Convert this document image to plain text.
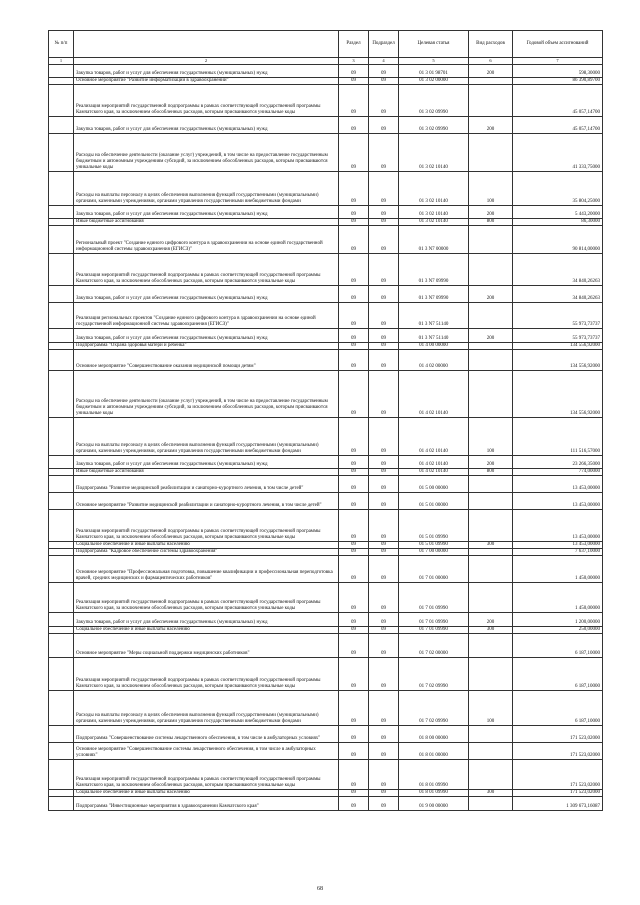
№ п/п		Раздел	Подраздел	Целевая статья	Вид расходов	Годовой объем ассигнований
1	2	3	4	5	6	7
	Закупка товаров, работ и услуг для обеспечения государственных (муниципальных) нужд	09	09	01 3 01 98701	200	598,30000
	Основное мероприятие "Развитие информатизации в здравоохранении"	09	09	01 3 02 00000		86 390,89700
	Реализация мероприятий государственной подпрограммы в рамках соответствующей государственной программы Камчатского края, за исключением обособленных расходов, которым присваиваются уникальные коды	09	09	01 3 02 09990		45 057,14700
	Закупка товаров, работ и услуг для обеспечения государственных (муниципальных) нужд	09	09	01 3 02 09990	200	45 057,14700
	Расходы на обеспечение деятельности (оказание услуг) учреждений, в том числе на предоставление государственным бюджетным и автономным учреждениям субсидий, за исключением обособленных расходов, которым присваиваются уникальные коды	09	09	01 3 02 10140		41 333,75000
	Расходы на выплаты персоналу в целях обеспечения выполнения функций государственными (муниципальными) органами, казенными учреждениями, органами управления государственными внебюджетными фондами	09	09	01 3 02 10140	100	35 804,25000
	Закупка товаров, работ и услуг для обеспечения государственных (муниципальных) нужд	09	09	01 3 02 10140	200	5 443,20000
	Иные бюджетные ассигнования	09	09	01 3 02 10140	800	86,30000
	Региональный проект "Создание единого цифрового контура в здравоохранении на основе единой государственной информационной системы здравоохранения (ЕГИСЗ)"	09	09	01 3 N7 00000		90 814,00000
	Реализация мероприятий государственной подпрограммы в рамках соответствующей государственной программы Камчатского края, за исключением обособленных расходов, которым присваиваются уникальные коды	09	09	01 3 N7 09990		34 840,26263
	Закупка товаров, работ и услуг для обеспечения государственных (муниципальных) нужд	09	09	01 3 N7 09990	200	34 840,26263
	Реализация региональных проектов "Создание единого цифрового контура в здравоохранении на основе единой государственной информационной системы здравоохранения (ЕГИСЗ)"	09	09	01 3 N7 51140		55 973,73737
	Закупка товаров, работ и услуг для обеспечения государственных (муниципальных) нужд	09	09	01 3 N7 51140	200	55 973,73737
	Подпрограмма "Охрана здоровья матери и ребенка"	09	09	01 4 00 00000		134 556,92000
	Основное мероприятие "Совершенствование оказания медицинской помощи детям"	09	09	01 4 02 00000		134 556,92000
	Расходы на обеспечение деятельности (оказание услуг) учреждений, в том числе на предоставление государственным бюджетным и автономным учреждениям субсидий, за исключением обособленных расходов, которым присваиваются уникальные коды	09	09	01 4 02 10140		134 556,92000
	Расходы на выплаты персоналу в целях обеспечения выполнения функций государственными (муниципальными) органами, казенными учреждениями, органами управления государственными внебюджетными фондами	09	09	01 4 02 10140	100	111 516,57000
	Закупка товаров, работ и услуг для обеспечения государственных (муниципальных) нужд	09	09	01 4 02 10140	200	23 266,35000
	Иные бюджетные ассигнования	09	09	01 4 02 10140	800	774,00000
	Подпрограмма "Развитие медицинской реабилитации и санаторно-курортного лечения, в том числе детей"	09	09	01 5 00 00000		13 453,00000
	Основное мероприятие "Развитие медицинской реабилитации и санаторно-курортного лечения, в том числе детей"	09	09	01 5 01 00000		13 453,00000
	Реализация мероприятий государственной подпрограммы в рамках соответствующей государственной программы Камчатского края, за исключением обособленных расходов, которым присваиваются уникальные коды	09	09	01 5 01 09990		13 453,00000
	Социальное обеспечение и иные выплаты населению	09	09	01 5 01 09990	300	13 453,00000
	Подпрограмма "Кадровое обеспечение системы здравоохранения"	09	09	01 7 00 00000		7 637,10000
	Основное мероприятие "Профессиональная подготовка, повышение квалификации и профессиональная переподготовка врачей, средних медицинских и фармацевтических работников"	09	09	01 7 01 00000		1 450,00000
	Реализация мероприятий государственной подпрограммы в рамках соответствующей государственной программы Камчатского края, за исключением обособленных расходов, которым присваиваются уникальные коды	09	09	01 7 01 09990		1 450,00000
	Закупка товаров, работ и услуг для обеспечения государственных (муниципальных) нужд	09	09	01 7 01 09990	200	1 200,00000
	Социальное обеспечение и иные выплаты населению	09	09	01 7 01 09990	300	250,00000
	Основное мероприятие "Меры социальной поддержки медицинских работников"	09	09	01 7 02 00000		6 187,10000
	Реализация мероприятий государственной подпрограммы в рамках соответствующей государственной программы Камчатского края, за исключением обособленных расходов, которым присваиваются уникальные коды	09	09	01 7 02 09990		6 187,10000
	Расходы на выплаты персоналу в целях обеспечения выполнения функций государственными (муниципальными) органами, казенными учреждениями, органами управления государственными внебюджетными фондами	09	09	01 7 02 09990	100	6 187,10000
	Подпрограмма "Совершенствование системы лекарственного обеспечения, в том числе в амбулаторных условиях"	09	09	01 8 00 00000		171 523,02000
	Основное мероприятие "Совершенствование системы лекарственного обеспечения, в том числе в амбулаторных условиях"	09	09	01 8 01 00000		171 523,02000
	Реализация мероприятий государственной подпрограммы в рамках соответствующей государственной программы Камчатского края, за исключением обособленных расходов, которым присваиваются уникальные коды	09	09	01 8 01 09990		171 523,02000
	Социальное обеспечение и иные выплаты населению	09	09	01 8 01 09990	300	171 523,02000
	Подпрограмма "Инвестиционные мероприятия в здравоохранении Камчатского края"	09	09	01 9 00 00000		1 309 673,16087
68
